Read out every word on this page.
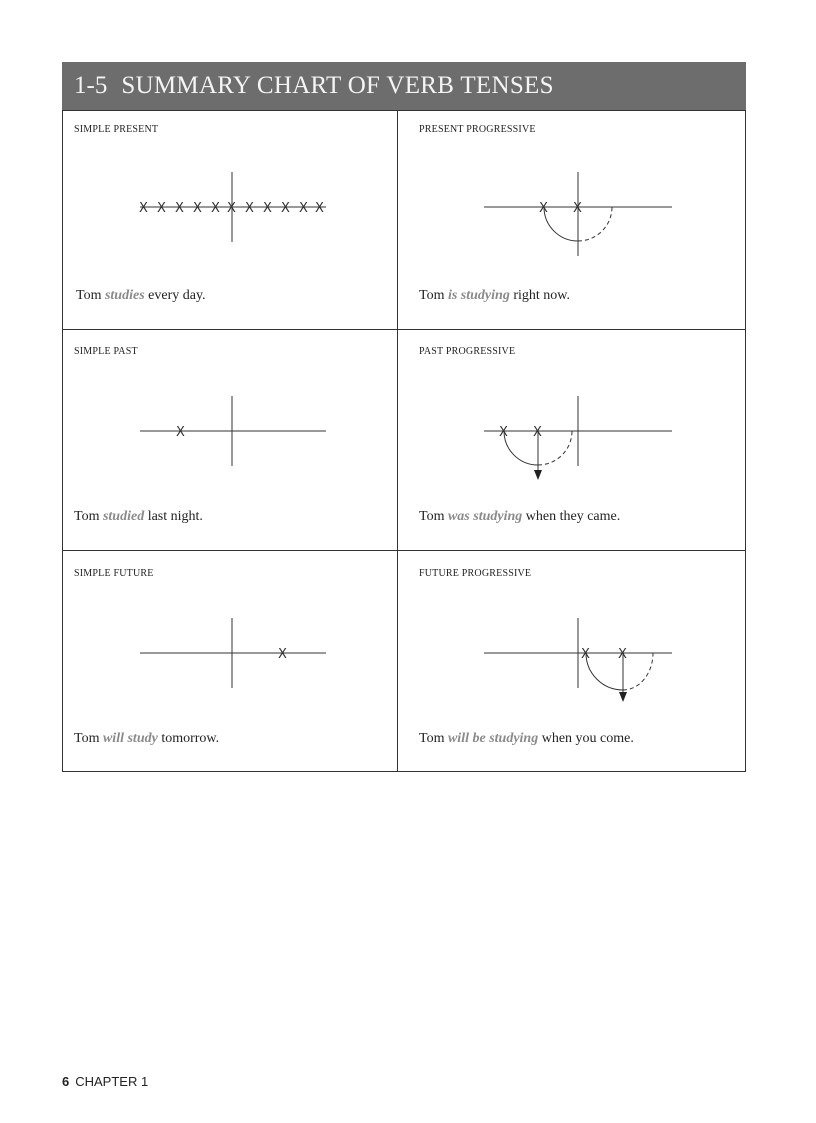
1-5 SUMMARY CHART OF VERB TENSES
SIMPLE PRESENT
X X X X X X X X X X X
Tom studies every day.
PRESENT PROGRESSIVE
X X
Tom is studying right now.
SIMPLE PAST
X
Tom studied last night.
PAST PROGRESSIVE
X X
Tom was studying when they came.
SIMPLE FUTURE
X
Tom will study tomorrow.
FUTURE PROGRESSIVE
X X
Tom will be studying when you come.
6 CHAPTER 1
